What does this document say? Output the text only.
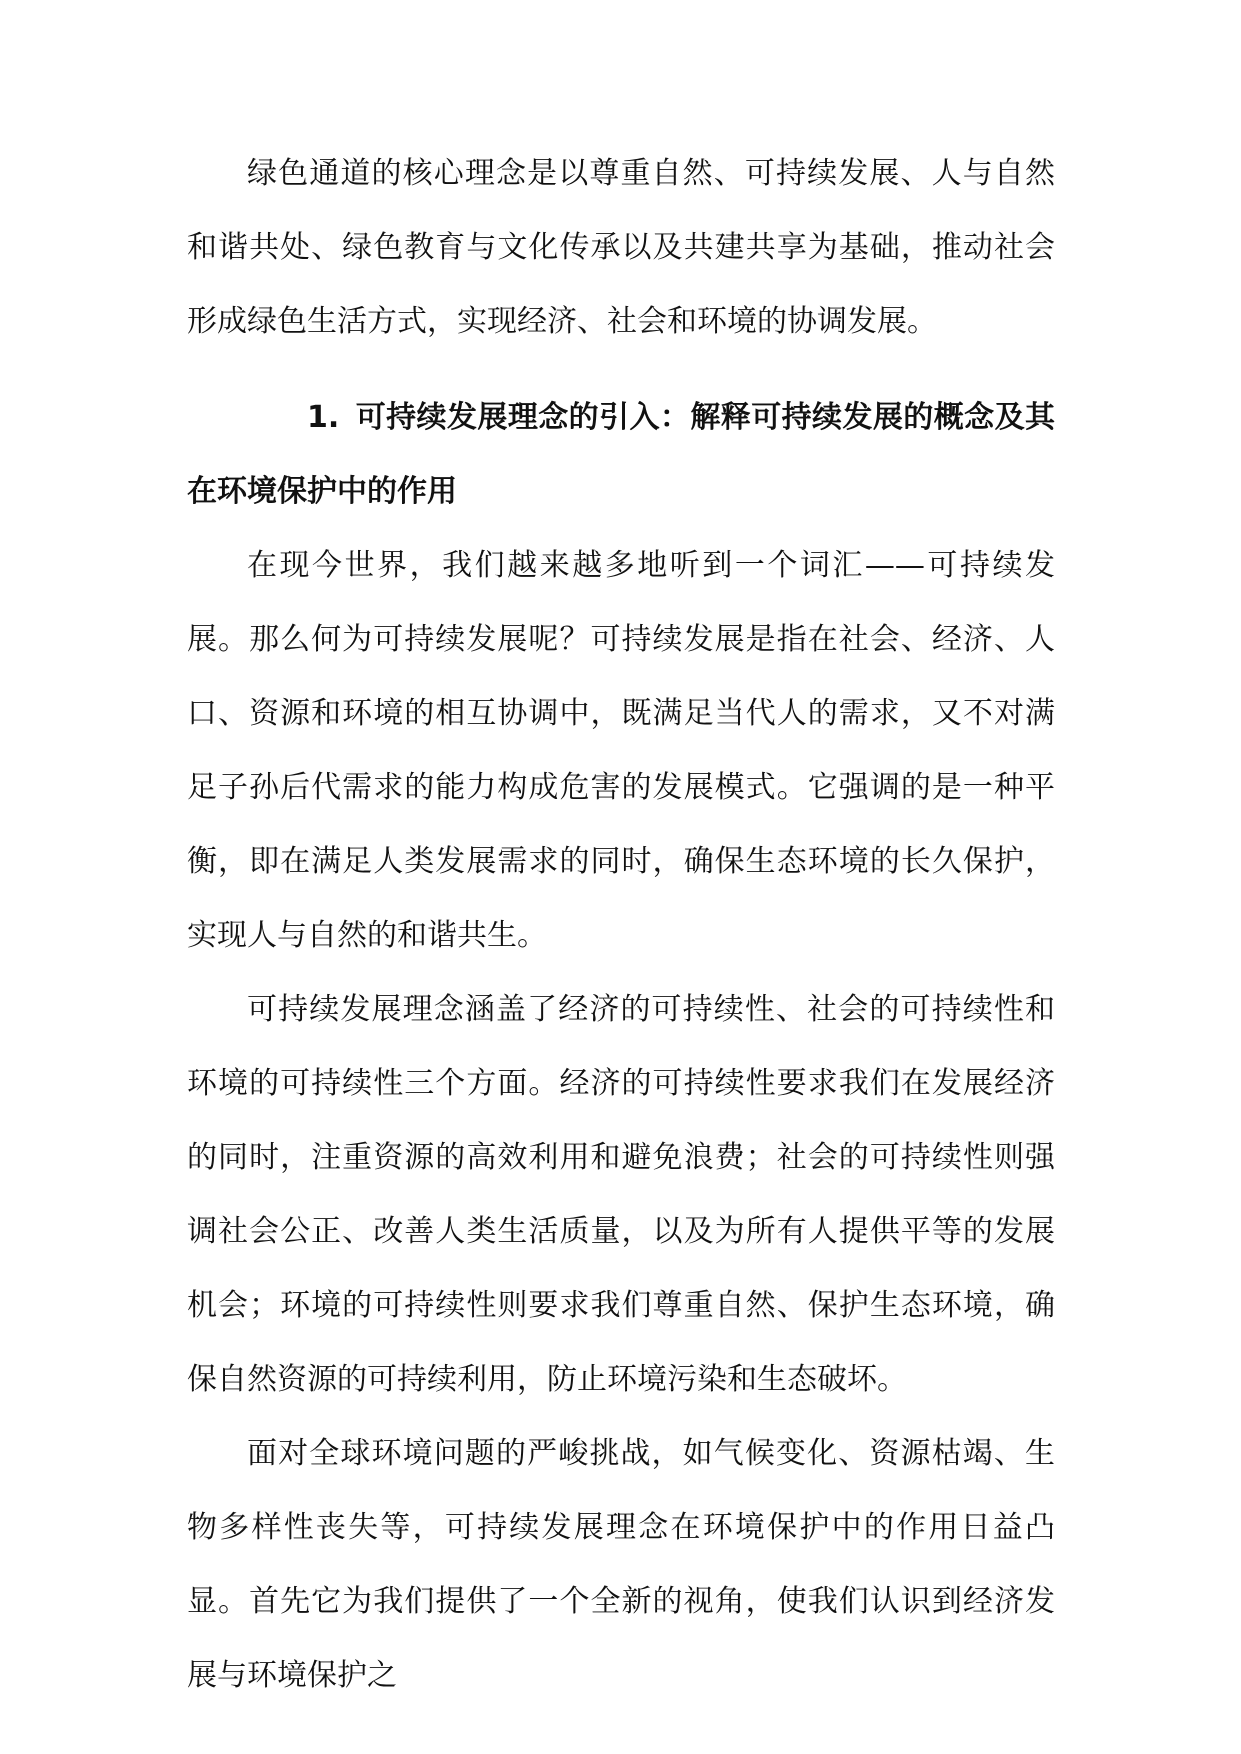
绿色通道的核心理念是以尊重自然、可持续发展、人与自然和谐共处、绿色教育与文化传承以及共建共享为基础，推动社会形成绿色生活方式，实现经济、社会和环境的协调发展。

1. 可持续发展理念的引入：解释可持续发展的概念及其在环境保护中的作用

在现今世界，我们越来越多地听到一个词汇——可持续发展。那么何为可持续发展呢？可持续发展是指在社会、经济、人口、资源和环境的相互协调中，既满足当代人的需求，又不对满足子孙后代需求的能力构成危害的发展模式。它强调的是一种平衡，即在满足人类发展需求的同时，确保生态环境的长久保护，实现人与自然的和谐共生。

可持续发展理念涵盖了经济的可持续性、社会的可持续性和环境的可持续性三个方面。经济的可持续性要求我们在发展经济的同时，注重资源的高效利用和避免浪费；社会的可持续性则强调社会公正、改善人类生活质量，以及为所有人提供平等的发展机会；环境的可持续性则要求我们尊重自然、保护生态环境，确保自然资源的可持续利用，防止环境污染和生态破坏。

面对全球环境问题的严峻挑战，如气候变化、资源枯竭、生物多样性丧失等，可持续发展理念在环境保护中的作用日益凸显。首先它为我们提供了一个全新的视角，使我们认识到经济发展与环境保护之
